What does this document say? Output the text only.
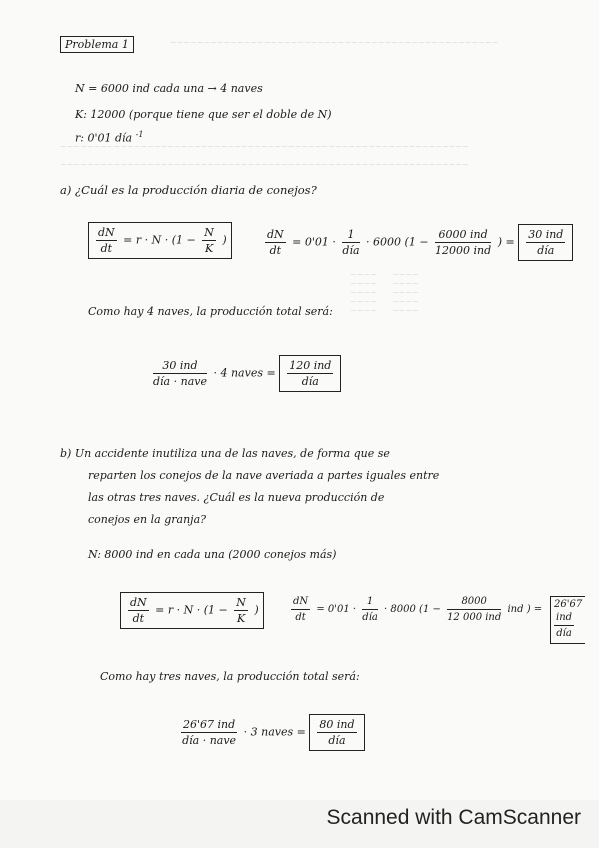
~~~~~~~~~~~~~~~~~~~~~~~~~~~~~~~~~~~~~~~~~~~~~~~~~
~~~~~~~~~~~~~~~~~~~~~~~~~~~~~~~~~~~~~~~~~~~~~~~~~~~~~~~~~~~~~
~~~~~~~~~~~~~~~~~~~~~~~~~~~~~~~~~~~~~~~~~~~~~~~~~~~~~~~~~~~~~
~~~~      ~~~~
~~~~      ~~~~
~~~~      ~~~~
~~~~      ~~~~
~~~~      ~~~~
Problema 1
N = 6000 ind cada una → 4 naves
K: 12000 (porque tiene que ser el doble de N)
r: 0'01 día $^{-1}$
a) ¿Cuál es la producción diaria de conejos?
$\frac{dN}{dt} = r \cdot N \cdot (1 - \frac{N}{K}$ )	$\frac{dN}{dt} = 0'01 \cdot \frac{1}{\text{día}} \cdot 6000$ ($1 - \frac{\text{6000 ind}}{\text{12000 ind}}$ ) = $\frac{\text{30 ind}}{\text{día}}$
Como hay 4 naves, la producción total será:
$\frac{\text{30 ind}}{\text{día · nave}} \cdot 4$ naves = $\frac{\text{120 ind}}{\text{día}}$
b) Un accidente inutiliza una de las naves, de forma que se
reparten los conejos de la nave averiada a partes iguales entre
las otras tres naves. ¿Cuál es la nueva producción de
conejos en la granja?
N: 8000 ind en cada una (2000 conejos más)
$\frac{dN}{dt} = r \cdot N \cdot (1 - \frac{N}{K}$ )	$\frac{dN}{dt} = 0'01 \cdot \frac{1}{\text{día}} \cdot 8000$ ($1 - \frac{8000}{\text{12 000 ind}}$ ind ) = 26'67
$\frac{\text{ind}}{\text{día}}$
Como hay tres naves, la producción total será:
$\frac{\text{26'67 ind}}{\text{día · nave}} \cdot 3$ naves = $\frac{\text{80 ind}}{\text{día}}$
Scanned with CamScanner
